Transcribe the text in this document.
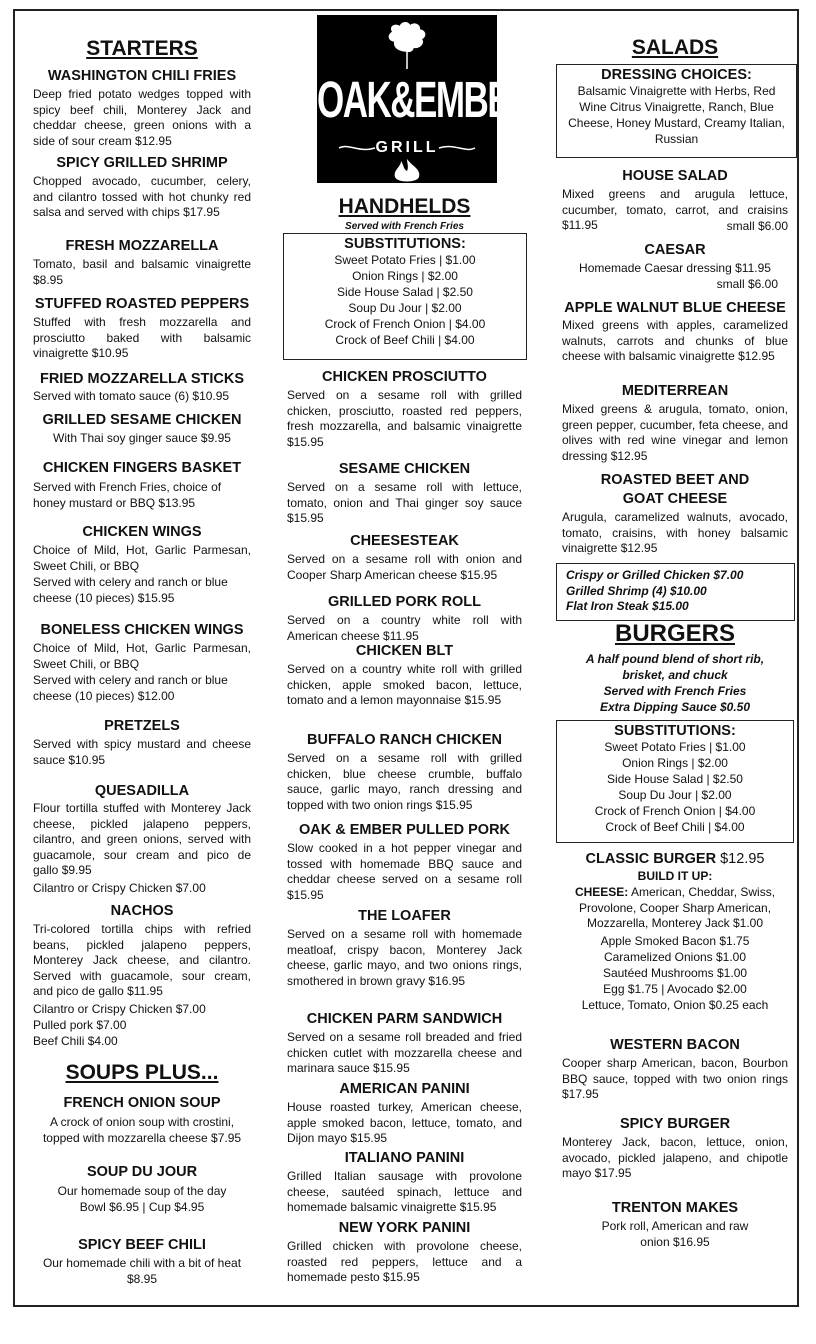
STARTERS
WASHINGTON CHILI FRIES
Deep fried potato wedges topped with spicy beef chili, Monterey Jack and cheddar cheese, green onions with a side of sour cream $12.95
SPICY GRILLED SHRIMP
Chopped avocado, cucumber, celery, and cilantro tossed with hot chunky red salsa and served with chips $17.95
FRESH MOZZARELLA
Tomato, basil and balsamic vinaigrette $8.95
STUFFED ROASTED PEPPERS
Stuffed with fresh mozzarella and prosciutto baked with balsamic vinaigrette $10.95
FRIED MOZZARELLA STICKS
Served with tomato sauce (6) $10.95
GRILLED SESAME CHICKEN
With Thai soy ginger sauce $9.95
CHICKEN FINGERS BASKET
Served with French Fries, choice of honey mustard or BBQ $13.95
CHICKEN WINGS
Choice of Mild, Hot, Garlic Parmesan, Sweet Chili, or BBQ
Served with celery and ranch or blue cheese (10 pieces) $15.95
BONELESS CHICKEN WINGS
Choice of Mild, Hot, Garlic Parmesan, Sweet Chili, or BBQ
Served with celery and ranch or blue cheese (10 pieces) $12.00
PRETZELS
Served with spicy mustard and cheese sauce $10.95
QUESADILLA
Flour tortilla stuffed with Monterey Jack cheese, pickled jalapeno peppers, cilantro, and green onions, served with guacamole, sour cream and pico de gallo $9.95
Cilantro or Crispy Chicken $7.00
NACHOS
Tri-colored tortilla chips with refried beans, pickled jalapeno peppers, Monterey Jack cheese, and cilantro. Served with guacamole, sour cream, and pico de gallo $11.95
Cilantro or Crispy Chicken $7.00
Pulled pork $7.00
Beef Chili $4.00
SOUPS PLUS...
FRENCH ONION SOUP
A crock of onion soup with crostini, topped with mozzarella cheese $7.95
SOUP DU JOUR
Our homemade soup of the day
Bowl $6.95 | Cup $4.95
SPICY BEEF CHILI
Our homemade chili with a bit of heat $8.95
OAK&EMBER
GRILL
HANDHELDS
Served with French Fries
SUBSTITUTIONS:
Sweet Potato Fries | $1.00
Onion Rings | $2.00
Side House Salad | $2.50
Soup Du Jour | $2.00
Crock of French Onion | $4.00
Crock of Beef Chili | $4.00
CHICKEN PROSCIUTTO
Served on a sesame roll with grilled chicken, prosciutto, roasted red peppers, fresh mozzarella, and balsamic vinaigrette $15.95
SESAME CHICKEN
Served on a sesame roll with lettuce, tomato, onion and Thai ginger soy sauce $15.95
CHEESESTEAK
Served on a sesame roll with onion and Cooper Sharp American cheese $15.95
GRILLED PORK ROLL
Served on a country white roll with American cheese $11.95
CHICKEN BLT
Served on a country white roll with grilled chicken, apple smoked bacon, lettuce, tomato and a lemon mayonnaise $15.95
BUFFALO RANCH CHICKEN
Served on a sesame roll with grilled chicken, blue cheese crumble, buffalo sauce, garlic mayo, ranch dressing and topped with two onion rings $15.95
OAK & EMBER PULLED PORK
Slow cooked in a hot pepper vinegar and tossed with homemade BBQ sauce and cheddar cheese served on a sesame roll $15.95
THE LOAFER
Served on a sesame roll with homemade meatloaf, crispy bacon, Monterey Jack cheese, garlic mayo, and two onions rings, smothered in brown gravy $16.95
CHICKEN PARM SANDWICH
Served on a sesame roll breaded and fried chicken cutlet with mozzarella cheese and marinara sauce $15.95
AMERICAN PANINI
House roasted turkey, American cheese, apple smoked bacon, lettuce, tomato, and Dijon mayo $15.95
ITALIANO PANINI
Grilled Italian sausage with provolone cheese, sautéed spinach, lettuce and homemade balsamic vinaigrette $15.95
NEW YORK PANINI
Grilled chicken with provolone cheese, roasted red peppers, lettuce and a homemade pesto $15.95
SALADS
DRESSING CHOICES:
Balsamic Vinaigrette with Herbs, Red Wine Citrus Vinaigrette, Ranch, Blue Cheese, Honey Mustard, Creamy Italian, Russian
HOUSE SALAD
Mixed greens and arugula lettuce, cucumber, tomato, carrot, and craisins $11.95	small $6.00
CAESAR
Homemade Caesar dressing $11.95
small $6.00
APPLE WALNUT BLUE CHEESE
Mixed greens with apples, caramelized walnuts, carrots and chunks of blue cheese with balsamic vinaigrette $12.95
MEDITERREAN
Mixed greens & arugula, tomato, onion, green pepper, cucumber, feta cheese, and olives with red wine vinegar and lemon dressing $12.95
ROASTED BEET AND
GOAT CHEESE
Arugula, caramelized walnuts, avocado, tomato, craisins, with honey balsamic vinaigrette $12.95
Crispy or Grilled Chicken $7.00
Grilled Shrimp (4) $10.00
Flat Iron Steak $15.00
BURGERS
A half pound blend of short rib,
brisket, and chuck
Served with French Fries
Extra Dipping Sauce $0.50
SUBSTITUTIONS:
Sweet Potato Fries | $1.00
Onion Rings | $2.00
Side House Salad | $2.50
Soup Du Jour | $2.00
Crock of French Onion | $4.00
Crock of Beef Chili | $4.00
CLASSIC BURGER $12.95
BUILD IT UP:
CHEESE: American, Cheddar, Swiss, Provolone, Cooper Sharp American, Mozzarella, Monterey Jack $1.00
Apple Smoked Bacon $1.75
Caramelized Onions $1.00
Sautéed Mushrooms $1.00
Egg $1.75 | Avocado $2.00
Lettuce, Tomato, Onion $0.25 each
WESTERN BACON
Cooper sharp American, bacon, Bourbon BBQ sauce, topped with two onion rings $17.95
SPICY BURGER
Monterey Jack, bacon, lettuce, onion, avocado, pickled jalapeno, and chipotle mayo $17.95
TRENTON MAKES
Pork roll, American and raw onion $16.95
